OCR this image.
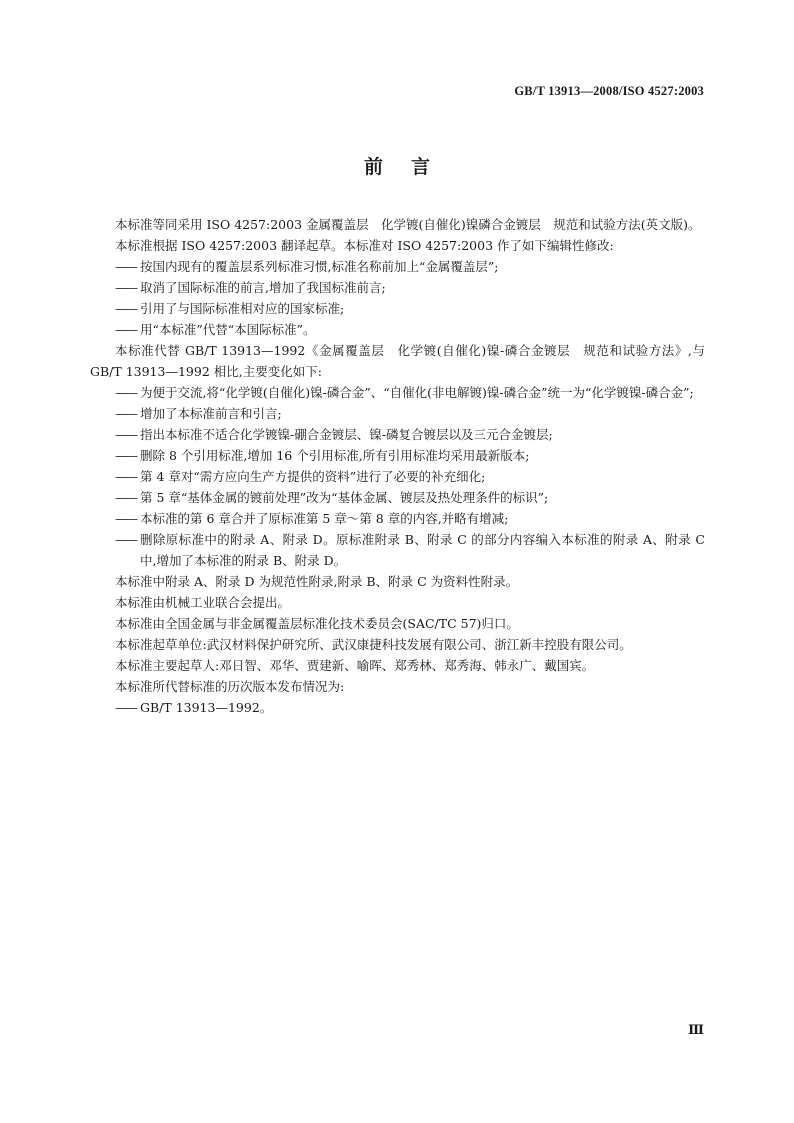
GB/T 13913—2008/ISO 4527:2003
前言

本标准等同采用 ISO 4257:2003 金属覆盖层　化学镀(自催化)镍磷合金镀层　规范和试验方法(英文版)。

本标准根据 ISO 4257:2003 翻译起草。本标准对 ISO 4257:2003 作了如下编辑性修改:

—— 按国内现有的覆盖层系列标准习惯,标准名称前加上“金属覆盖层”;

—— 取消了国际标准的前言,增加了我国标准前言;

—— 引用了与国际标准相对应的国家标准;

—— 用“本标准”代替“本国际标准”。

本标准代替 GB/T 13913—1992《金属覆盖层　化学镀(自催化)镍-磷合金镀层　规范和试验方法》,与 GB/T 13913—1992 相比,主要变化如下:

—— 为便于交流,将“化学镀(自催化)镍-磷合金”、“自催化(非电解镀)镍-磷合金”统一为“化学镀镍-磷合金”;

—— 增加了本标准前言和引言;

—— 指出本标准不适合化学镀镍-硼合金镀层、镍-磷复合镀层以及三元合金镀层;

—— 删除 8 个引用标准,增加 16 个引用标准,所有引用标准均采用最新版本;

—— 第 4 章对“需方应向生产方提供的资料”进行了必要的补充细化;

—— 第 5 章“基体金属的镀前处理”改为“基体金属、镀层及热处理条件的标识”;

—— 本标准的第 6 章合并了原标准第 5 章～第 8 章的内容,并略有增减;

—— 删除原标准中的附录 A、附录 D。原标准附录 B、附录 C 的部分内容编入本标准的附录 A、附录 C 中,增加了本标准的附录 B、附录 D。

本标准中附录 A、附录 D 为规范性附录,附录 B、附录 C 为资料性附录。

本标准由机械工业联合会提出。

本标准由全国金属与非金属覆盖层标准化技术委员会(SAC/TC 57)归口。

本标准起草单位:武汉材料保护研究所、武汉康捷科技发展有限公司、浙江新丰控股有限公司。

本标准主要起草人:邓日智、邓华、贾建新、喻晖、郑秀林、郑秀海、韩永广、戴国宾。

本标准所代替标准的历次版本发布情况为:

—— GB/T 13913—1992。

Ⅲ
